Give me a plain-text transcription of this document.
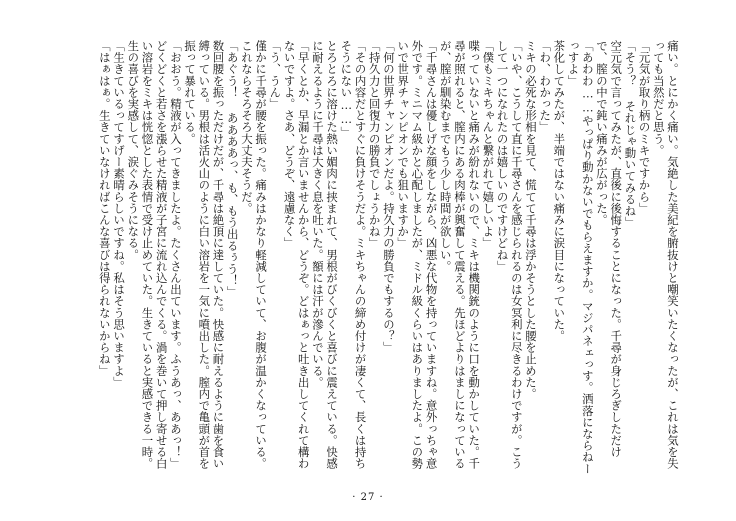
痛い。とにかく痛い。気絶した美紀を腑抜けと嘲笑いたくなったが、これは気を失っても当然だと思う。

「元気が取り柄のミキですから」

「そう？ それじゃ動いてみるね」

空元気で言ってみたが、直後に後悔することになった。千尋が身じろぎしただけで、膣の中で鈍い痛みが広がった。

「あわわ……やっぱり動かないでもらえますか。マジパネェっす。洒落にならねーっすよ」

茶化してみたが、半端ではない痛みに涙目になっていた。

「わ、わかった」

ミキの必死な形相を見て、慌てて千尋は浮かそうとした腰を止めた。

「いや、こうして直に千尋さんを感じられるのは女冥利に尽きるわけですが。こうして一つになれたのは嬉しいのですけどね」

「僕もミキちゃんと繋がれて嬉しいよ」

喋っていないと痛みが紛れないので、ミキは機関銃のように口を動かしていた。千尋が照れると、膣内にある肉棒が興奮して震える。先ほどよりはましになっているが、膣が馴染むまでもう少し時間が欲しい。

「千尋さんは優しげな顔をしながら、凶悪な代物を持っていますね。意外っちゃ意外です。ミニマム級かと心配しましたが、ミドル級くらいはありましたよ。この勢いで世界チャンピオンでも狙いますか」

「何の世界チャンピオンだよ。持久力の勝負でもするの？」

「持久力と回復力の勝負でしょうかね」

「その内容だとすぐに負けそうだよ。ミキちゃんの締め付けが凄くて、長くは持ちそうにない……」

とろとろに溶けた熱い媚肉に挟まれて、男根がびくびくと喜びに震えている。快感に耐えるように千尋は大きく息を吐いた。額には汗が滲んでいる。

「早くとか、早漏とか言いませんから、どうぞ。どはぁっと吐き出してくれて構わないですよ。さあ、どうぞ、遠慮なく」

「う、うん」

僅かに千尋が腰を振った。痛みはかなり軽減していて、お腹が温かくなっている。これならそろそろ大丈夫そうだ。

「あぐう！ ああああっ、も、もう出るぅう！」

数回腰を振っただけだが、千尋は絶頂に達していた。快感に耐えるように歯を食い縛っている。男根は活火山のように白い溶岩を一気に噴出した。膣内で亀頭が首を振って暴れている。

「おおう。精液が入ってきましたよ。たくさん出ています。ふうあっ、ああっ！」

どくどくと若さを漲らせた精液が子宮に流れ込んでくる。渦を巻いて押し寄せる白い溶岩をミキは恍惚とした表情で受け止めていた。生きていると実感できる一時。生の喜びを実感して、涙ぐみそうになる。

「生きているってすげー素晴らしいですね。私はそう思いますよ」

「はぁはぁ。生きていなければこんな喜びは得られないからね」

· 27 ·
